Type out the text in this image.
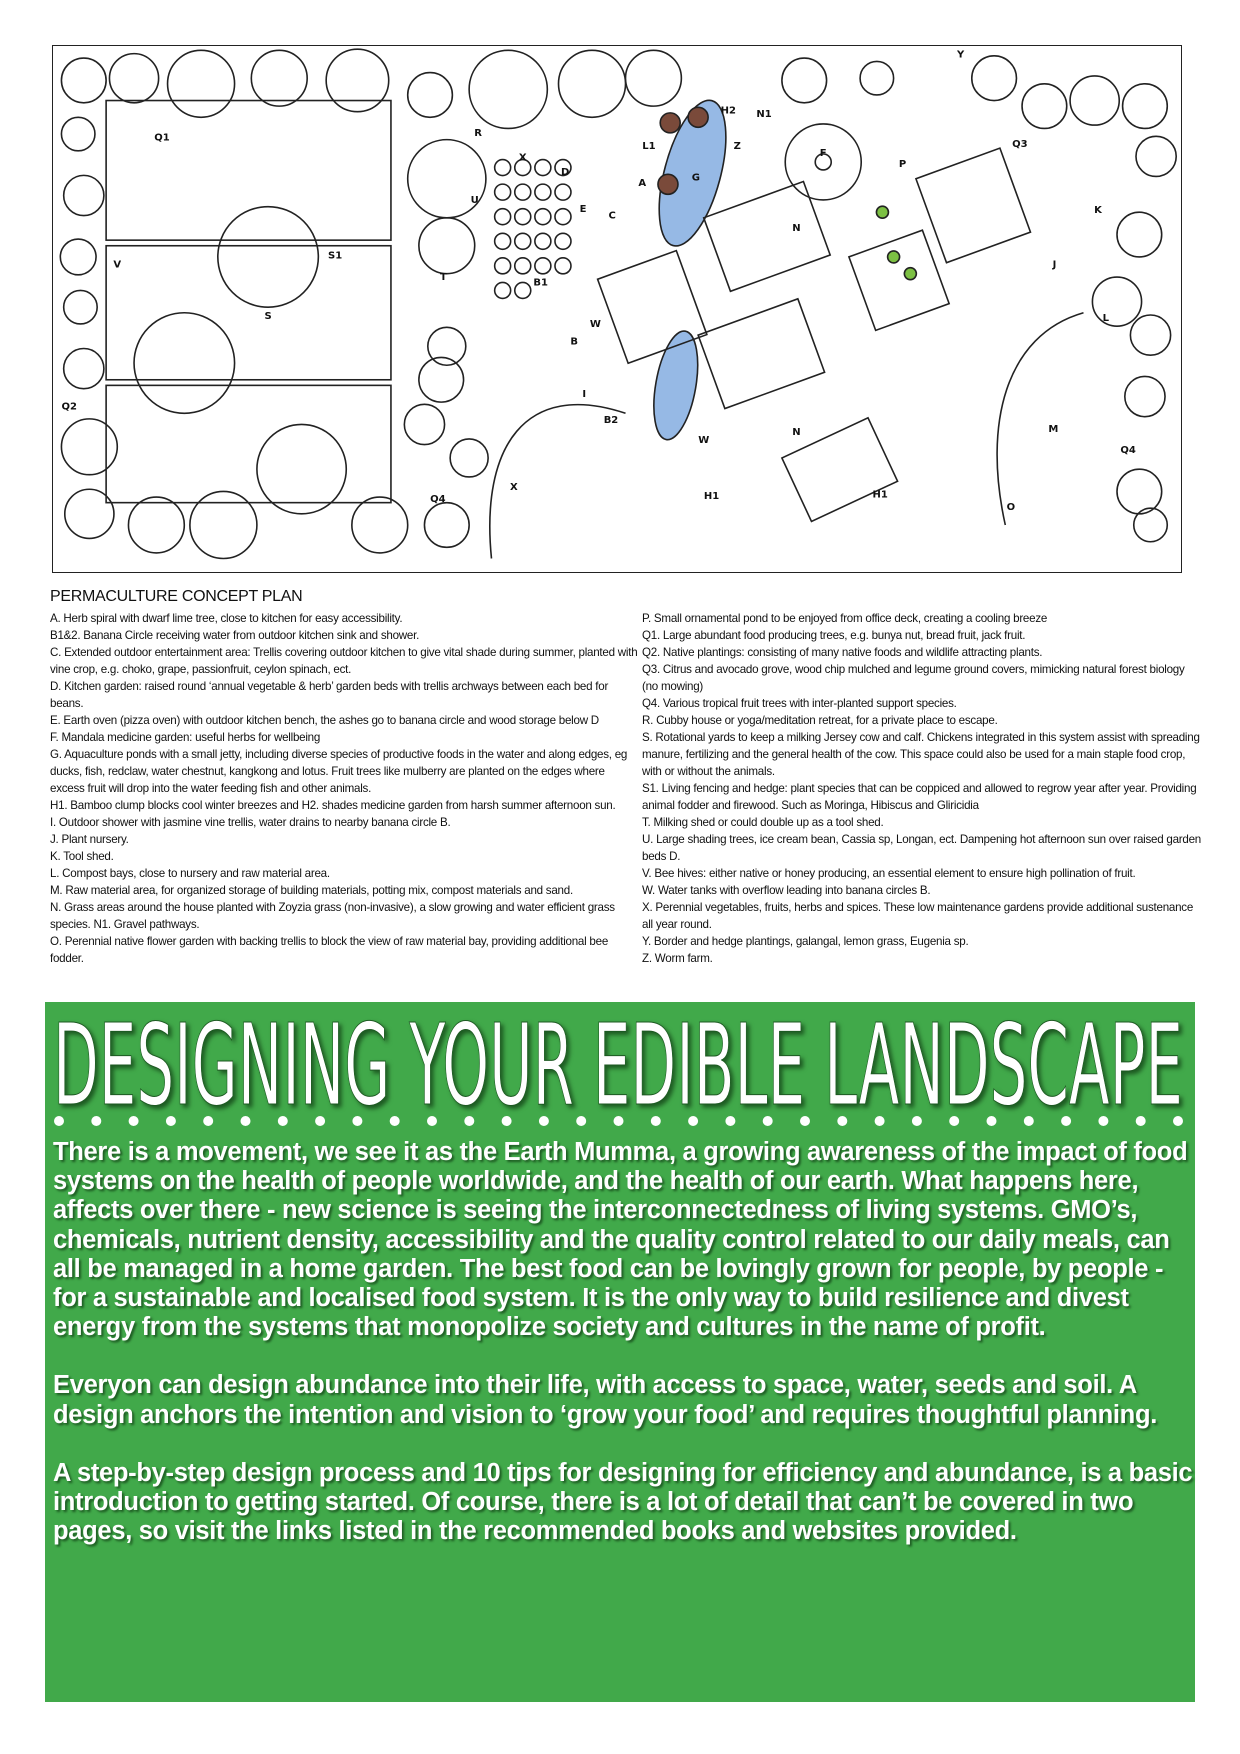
Y
Q1	R
X
U
S1
S
T
V
Q2
Q4
X
B1
B
I
B2
W
W
H1	H1
H2 N1
L1
A
D
C
E
G
Z
F
P
N
N
K
J
L
M
O
Q3
Q4
PERMACULTURE CONCEPT PLAN
A. Herb spiral with dwarf lime tree, close to kitchen for easy accessibility.
B1&2. Banana Circle receiving water from outdoor kitchen sink and shower.
C. Extended outdoor entertainment area: Trellis covering outdoor kitchen to give vital shade during summer, planted with vine crop, e.g. choko, grape, passionfruit, ceylon spinach, ect.
D. Kitchen garden: raised round ‘annual vegetable & herb’ garden beds with trellis archways between each bed for beans.
E. Earth oven (pizza oven) with outdoor kitchen bench, the ashes go to banana circle and wood storage below D
F. Mandala medicine garden: useful herbs for wellbeing
G. Aquaculture ponds with a small jetty, including diverse species of productive foods in the water and along edges, eg ducks, fish, redclaw, water chestnut, kangkong and lotus. Fruit trees like mulberry are planted on the edges where excess fruit will drop into the water feeding fish and other animals.
H1. Bamboo clump blocks cool winter breezes and H2. shades medicine garden from harsh summer afternoon sun.
I. Outdoor shower with jasmine vine trellis, water drains to nearby banana circle B.
J. Plant nursery.
K. Tool shed.
L. Compost bays, close to nursery and raw material area.
M. Raw material area, for organized storage of building materials, potting mix, compost materials and sand.
N. Grass areas around the house planted with Zoyzia grass (non-invasive), a slow growing and water efficient grass species. N1. Gravel pathways.
O. Perennial native flower garden with backing trellis to block the view of raw material bay, providing additional bee fodder.
P. Small ornamental pond to be enjoyed from office deck, creating a cooling breeze
Q1. Large abundant food producing trees, e.g. bunya nut, bread fruit, jack fruit.
Q2. Native plantings: consisting of many native foods and wildlife attracting plants.
Q3. Citrus and avocado grove, wood chip mulched and legume ground covers, mimicking natural forest biology (no mowing)
Q4. Various tropical fruit trees with inter-planted support species.
R. Cubby house or yoga/meditation retreat, for a private place to escape.
S. Rotational yards to keep a milking Jersey cow and calf. Chickens integrated in this system assist with spreading manure, fertilizing and the general health of the cow. This space could also be used for a main staple food crop, with or without the animals.
S1. Living fencing and hedge: plant species that can be coppiced and allowed to regrow year after year. Providing animal fodder and firewood. Such as Moringa, Hibiscus and Gliricidia
T. Milking shed or could double up as a tool shed.
U. Large shading trees, ice cream bean, Cassia sp, Longan, ect. Dampening hot afternoon sun over raised garden beds D.
V. Bee hives: either native or honey producing, an essential element to ensure high pollination of fruit.
W. Water tanks with overflow leading into banana circles B.
X. Perennial vegetables, fruits, herbs and spices. These low maintenance gardens provide additional sustenance all year round.
Y. Border and hedge plantings, galangal, lemon grass, Eugenia sp.
Z. Worm farm.
DESIGNING YOUR EDIBLE LANDSCAPE

There is a movement, we see it as the Earth Mumma, a growing awareness of the impact of food systems on the health of people worldwide, and the health of our earth. What happens here, affects over there - new science is seeing the interconnectedness of living systems. GMO’s, chemicals, nutrient density, accessibility and the quality control related to our daily meals, can all be managed in a home garden. The best food can be lovingly grown for people, by people - for a sustainable and localised food system. It is the only way to build resilience and divest energy from the systems that monopolize society and cultures in the name of profit.

Everyon can design abundance into their life, with access to space, water, seeds and soil. A design anchors the intention and vision to ‘grow your food’ and requires thoughtful planning.

A step-by-step design process and 10 tips for designing for efficiency and abundance, is a basic introduction to getting started. Of course, there is a lot of detail that can’t be covered in two pages, so visit the links listed in the recommended books and websites provided.
